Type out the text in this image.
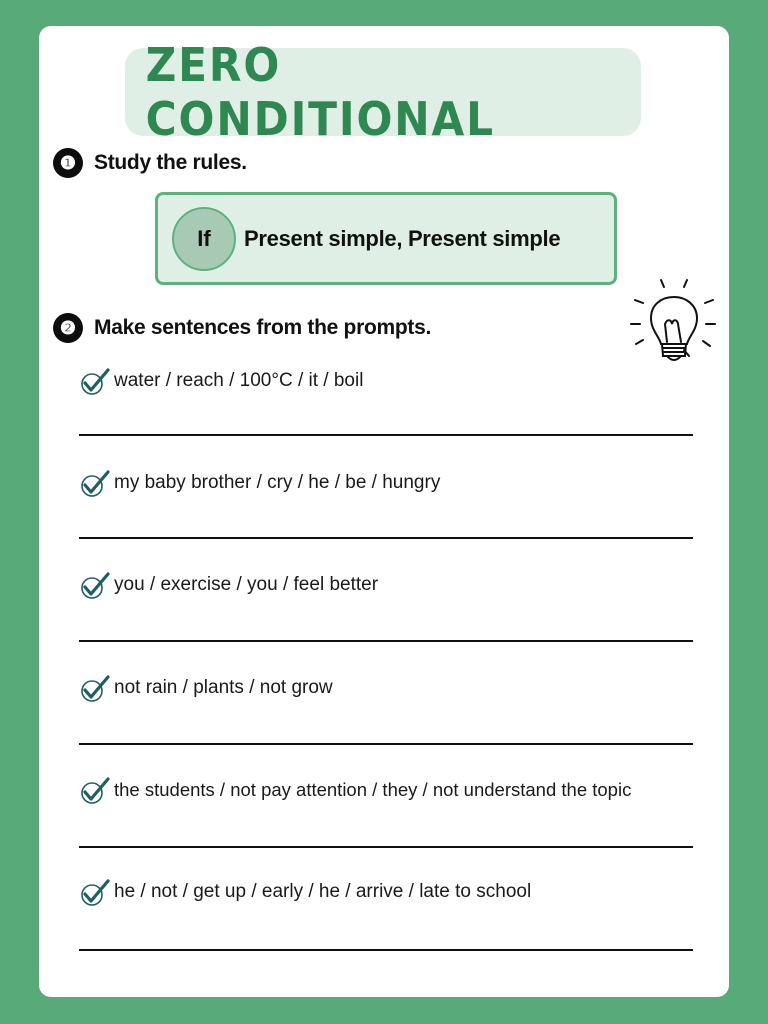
ZERO CONDITIONAL
❶ Study the rules.
If	Present simple, Present simple
❷ Make sentences from the prompts.
water / reach / 100°C / it / boil
my baby brother / cry / he / be / hungry
you / exercise / you / feel better
not rain / plants / not grow
the students / not pay attention / they / not understand the topic
he / not / get up / early / he / arrive / late to school
